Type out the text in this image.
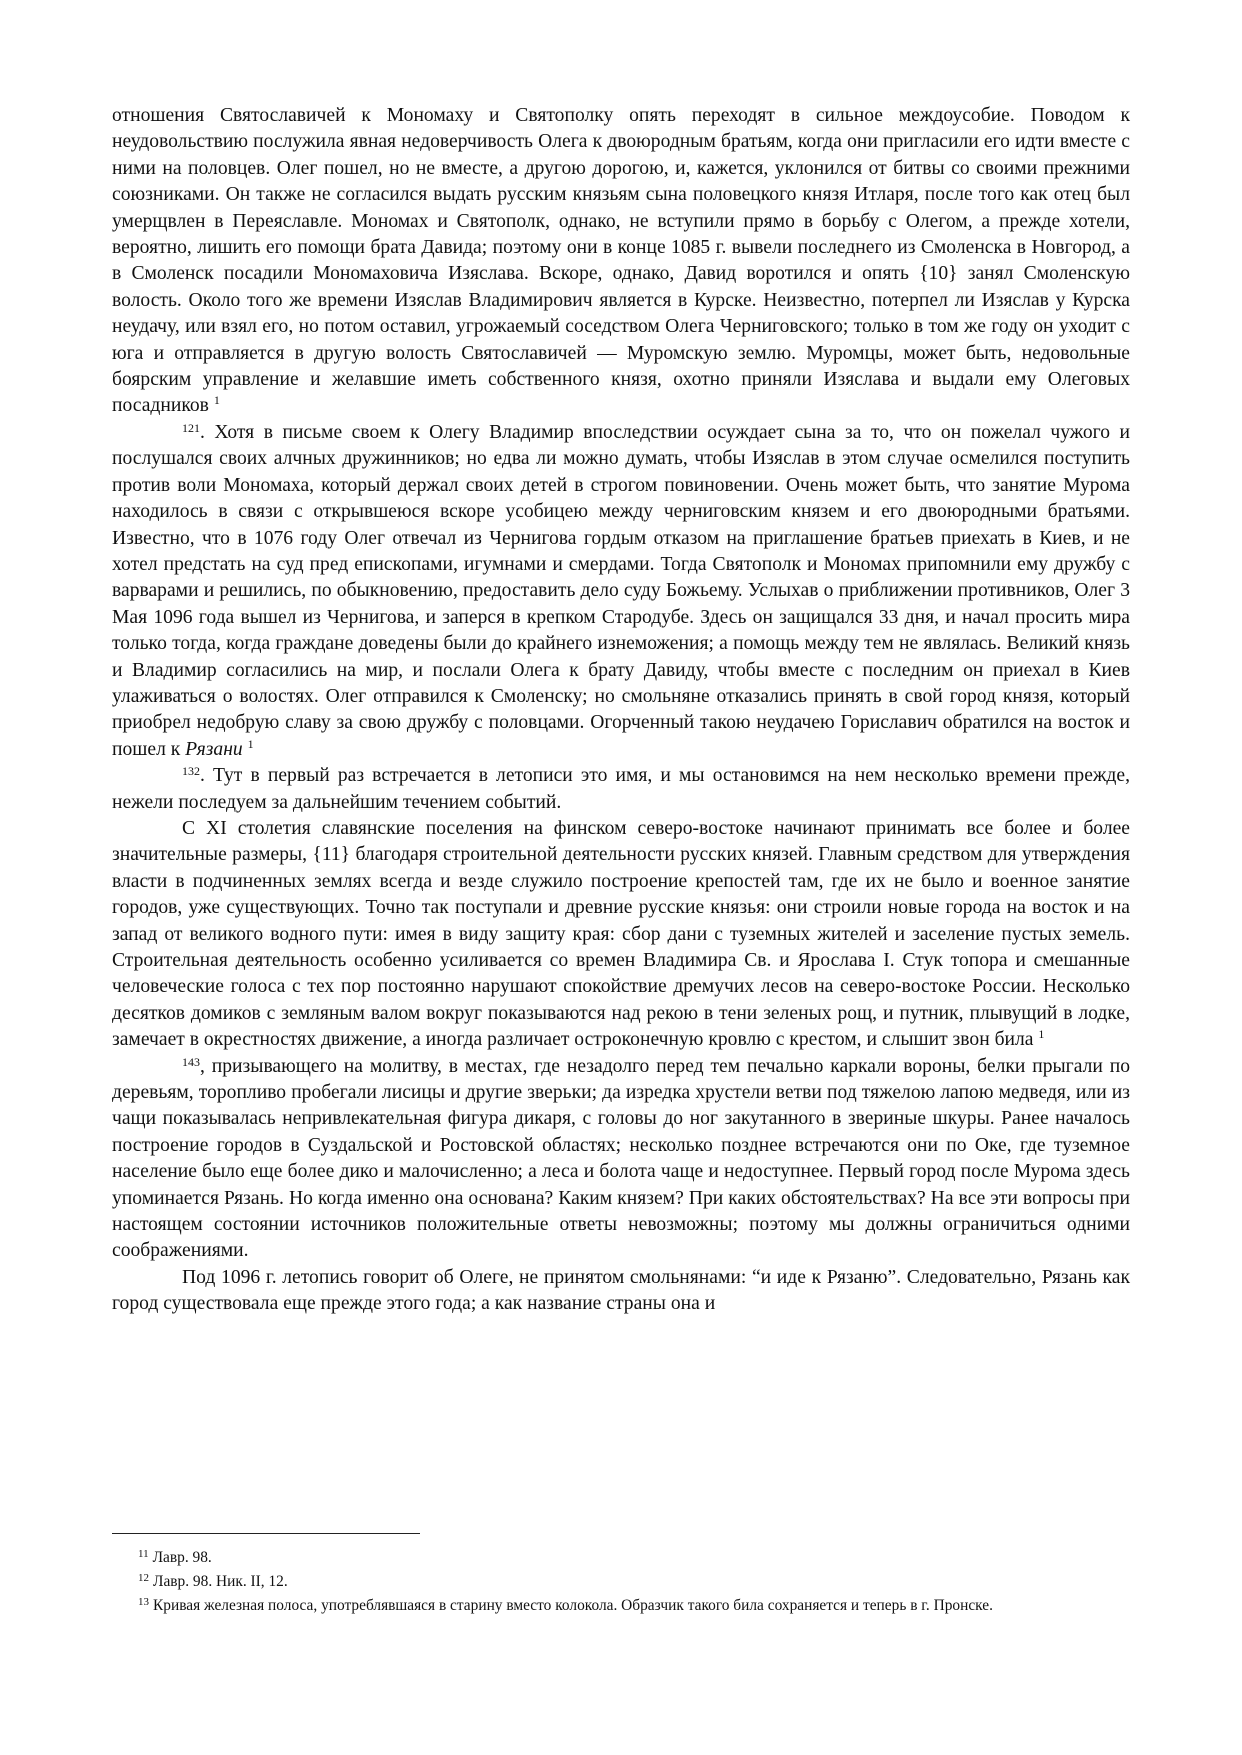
отношения Святославичей к Мономаху и Святополку опять переходят в сильное междоусобие. Поводом к неудовольствию послужила явная недоверчивость Олега к двоюродным братьям, когда они пригласили его идти вместе с ними на половцев. Олег пошел, но не вместе, а другою дорогою, и, кажется, уклонился от битвы со своими прежними союзниками. Он также не согласился выдать русским князьям сына половецкого князя Итларя, после того как отец был умерщвлен в Переяславле. Мономах и Святополк, однако, не вступили прямо в борьбу с Олегом, а прежде хотели, вероятно, лишить его помощи брата Давида; поэтому они в конце 1085 г. вывели последнего из Смоленска в Новгород, а в Смоленск посадили Мономаховича Изяслава. Вскоре, однако, Давид воротился и опять {10} занял Смоленскую волость. Около того же времени Изяслав Владимирович является в Курске. Неизвестно, потерпел ли Изяслав у Курска неудачу, или взял его, но потом оставил, угрожаемый соседством Олега Черниговского; только в том же году он уходит с юга и отправляется в другую волость Святославичей — Муромскую землю. Муромцы, может быть, недовольные боярским управление и желавшие иметь собственного князя, охотно приняли Изяслава и выдали ему Олеговых посадников $^1$

$^{121}$. Хотя в письме своем к Олегу Владимир впоследствии осуждает сына за то, что он пожелал чужого и послушался своих алчных дружинников; но едва ли можно думать, чтобы Изяслав в этом случае осмелился поступить против воли Мономаха, который держал своих детей в строгом повиновении. Очень может быть, что занятие Мурома находилось в связи с открывшеюся вскоре усобицею между черниговским князем и его двоюродными братьями. Известно, что в 1076 году Олег отвечал из Чернигова гордым отказом на приглашение братьев приехать в Киев, и не хотел предстать на суд пред епископами, игумнами и смердами. Тогда Святополк и Мономах припомнили ему дружбу с варварами и решились, по обыкновению, предоставить дело суду Божьему. Услыхав о приближении противников, Олег 3 Мая 1096 года вышел из Чернигова, и заперся в крепком Стародубе. Здесь он защищался 33 дня, и начал просить мира только тогда, когда граждане доведены были до крайнего изнеможения; а помощь между тем не являлась. Великий князь и Владимир согласились на мир, и послали Олега к брату Давиду, чтобы вместе с последним он приехал в Киев улаживаться о волостях. Олег отправился к Смоленску; но смольняне отказались принять в свой город князя, который приобрел недобрую славу за свою дружбу с половцами. Огорченный такою неудачею Гориславич обратился на восток и пошел к Рязани $^1$

$^{132}$. Тут в первый раз встречается в летописи это имя, и мы остановимся на нем несколько времени прежде, нежели последуем за дальнейшим течением событий.

С XI столетия славянские поселения на финском северо-востоке начинают принимать все более и более значительные размеры, {11} благодаря строительной деятельности русских князей. Главным средством для утверждения власти в подчиненных землях всегда и везде служило построение крепостей там, где их не было и военное занятие городов, уже существующих. Точно так поступали и древние русские князья: они строили новые города на восток и на запад от великого водного пути: имея в виду защиту края: сбор дани с туземных жителей и заселение пустых земель. Строительная деятельность особенно усиливается со времен Владимира Св. и Ярослава I. Стук топора и смешанные человеческие голоса с тех пор постоянно нарушают спокойствие дремучих лесов на северо-востоке России. Несколько десятков домиков с земляным валом вокруг показываются над рекою в тени зеленых рощ, и путник, плывущий в лодке, замечает в окрестностях движение, а иногда различает остроконечную кровлю с крестом, и слышит звон била $^1$

$^{143}$, призывающего на молитву, в местах, где незадолго перед тем печально каркали вороны, белки прыгали по деревьям, торопливо пробегали лисицы и другие зверьки; да изредка хрустели ветви под тяжелою лапою медведя, или из чащи показывалась непривлекательная фигура дикаря, с головы до ног закутанного в звериные шкуры. Ранее началось построение городов в Суздальской и Ростовской областях; несколько позднее встречаются они по Оке, где туземное население было еще более дико и малочисленно; а леса и болота чаще и недоступнее. Первый город после Мурома здесь упоминается Рязань. Но когда именно она основана? Каким князем? При каких обстоятельствах? На все эти вопросы при настоящем состоянии источников положительные ответы невозможны; поэтому мы должны ограничиться одними соображениями.

Под 1096 г. летопись говорит об Олеге, не принятом смольнянами: “и иде к Рязаню”. Следовательно, Рязань как город существовала еще прежде этого года; а как название страны она и

$^{11}$ Лавр. 98.

$^{12}$ Лавр. 98. Ник. II, 12.

$^{13}$ Кривая железная полоса, употреблявшаяся в старину вместо колокола. Образчик такого била сохраняется и теперь в г. Пронске.
